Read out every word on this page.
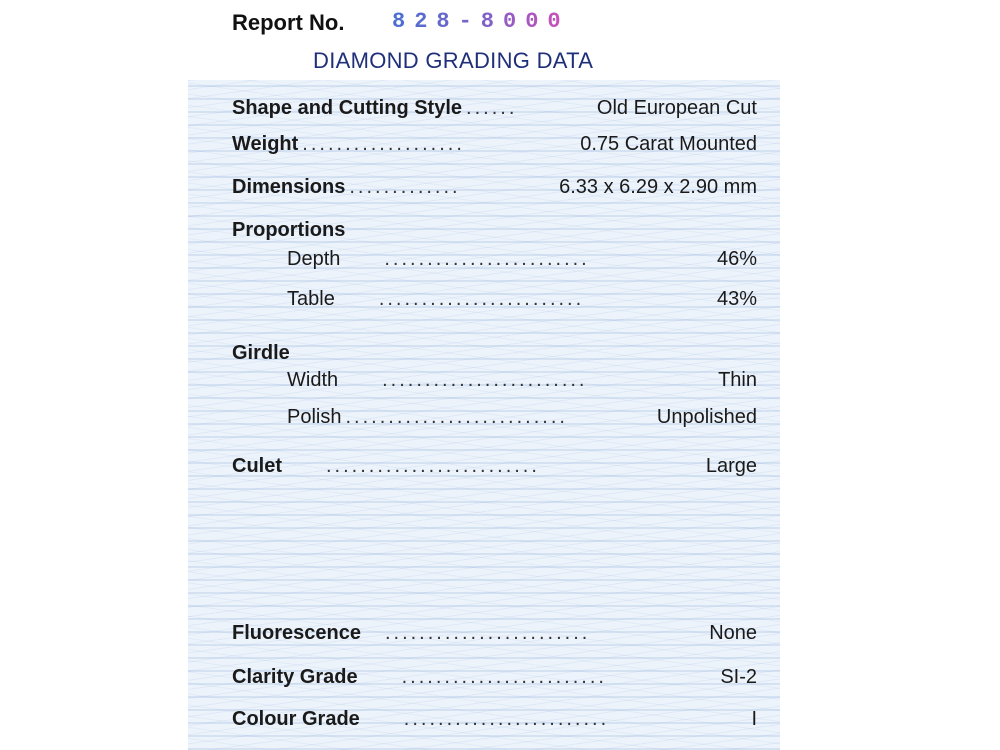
Report No. 828-8000
DIAMOND GRADING DATA
Shape and Cutting Style ......	Old European Cut
Weight ...................	0.75 Carat Mounted
Dimensions .............	6.33 x 6.29 x 2.90 mm
Proportions
Depth ........................	46%
Table ........................	43%
Girdle
Width ........................	Thin
Polish ..........................	Unpolished
Culet .........................	Large
Fluorescence ........................	None
Clarity Grade ........................	SI-2
Colour Grade ........................	I
